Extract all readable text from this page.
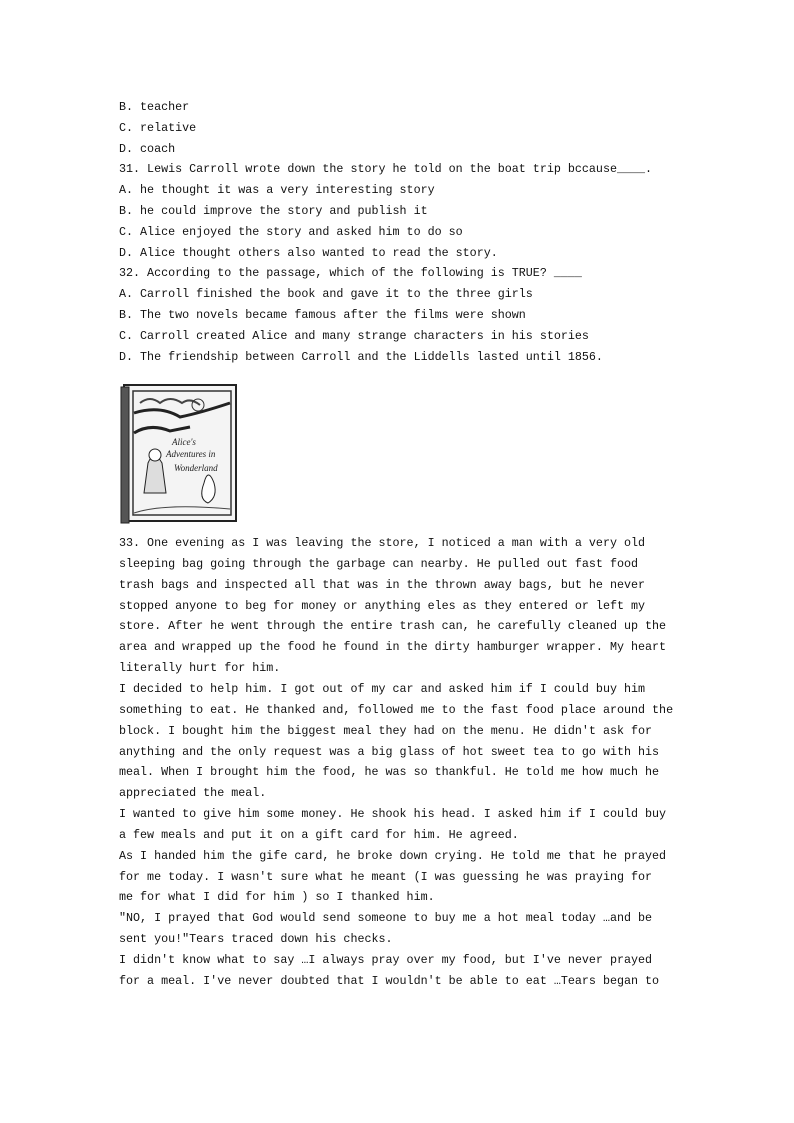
B. teacher
C. relative
D. coach
31. Lewis Carroll wrote down the story he told on the boat trip bccause____.
A. he thought it was a very interesting story
B. he could improve the story and publish it
C. Alice enjoyed the story and asked him to do so
D. Alice thought others also wanted to read the story.
32. According to the passage, which of the following is TRUE? ____
A. Carroll finished the book and gave it to the three girls
B. The two novels became famous after the films were shown
C. Carroll created Alice and many strange characters in his stories
D. The friendship between Carroll and the Liddells lasted until 1856.
Alice's
Adventures in
Wonderland
33. One evening as I was leaving the store, I noticed a man with a very old
sleeping bag going through the garbage can nearby. He pulled out fast food
trash bags and inspected all that was in the thrown away bags, but he never
stopped anyone to beg for money or anything eles as they entered or left my
store. After he went through the entire trash can, he carefully cleaned up the
area and wrapped up the food he found in the dirty hamburger wrapper. My heart
literally hurt for him.
I decided to help him. I got out of my car and asked him if I could buy him
something to eat. He thanked and, followed me to the fast food place around the
block. I bought him the biggest meal they had on the menu. He didn't ask for
anything and the only request was a big glass of hot sweet tea to go with his
meal. When I brought him the food, he was so thankful. He told me how much he
appreciated the meal.
I wanted to give him some money. He shook his head. I asked him if I could buy
a few meals and put it on a gift card for him. He agreed.
As I handed him the gife card, he broke down crying. He told me that he prayed
for me today. I wasn't sure what he meant (I was guessing he was praying for
me for what I did for him ) so I thanked him.
"NO, I prayed that God would send someone to buy me a hot meal today …and be
sent you!"Tears traced down his checks.
I didn't know what to say …I always pray over my food, but I've never prayed
for a meal. I've never doubted that I wouldn't be able to eat …Tears began to
